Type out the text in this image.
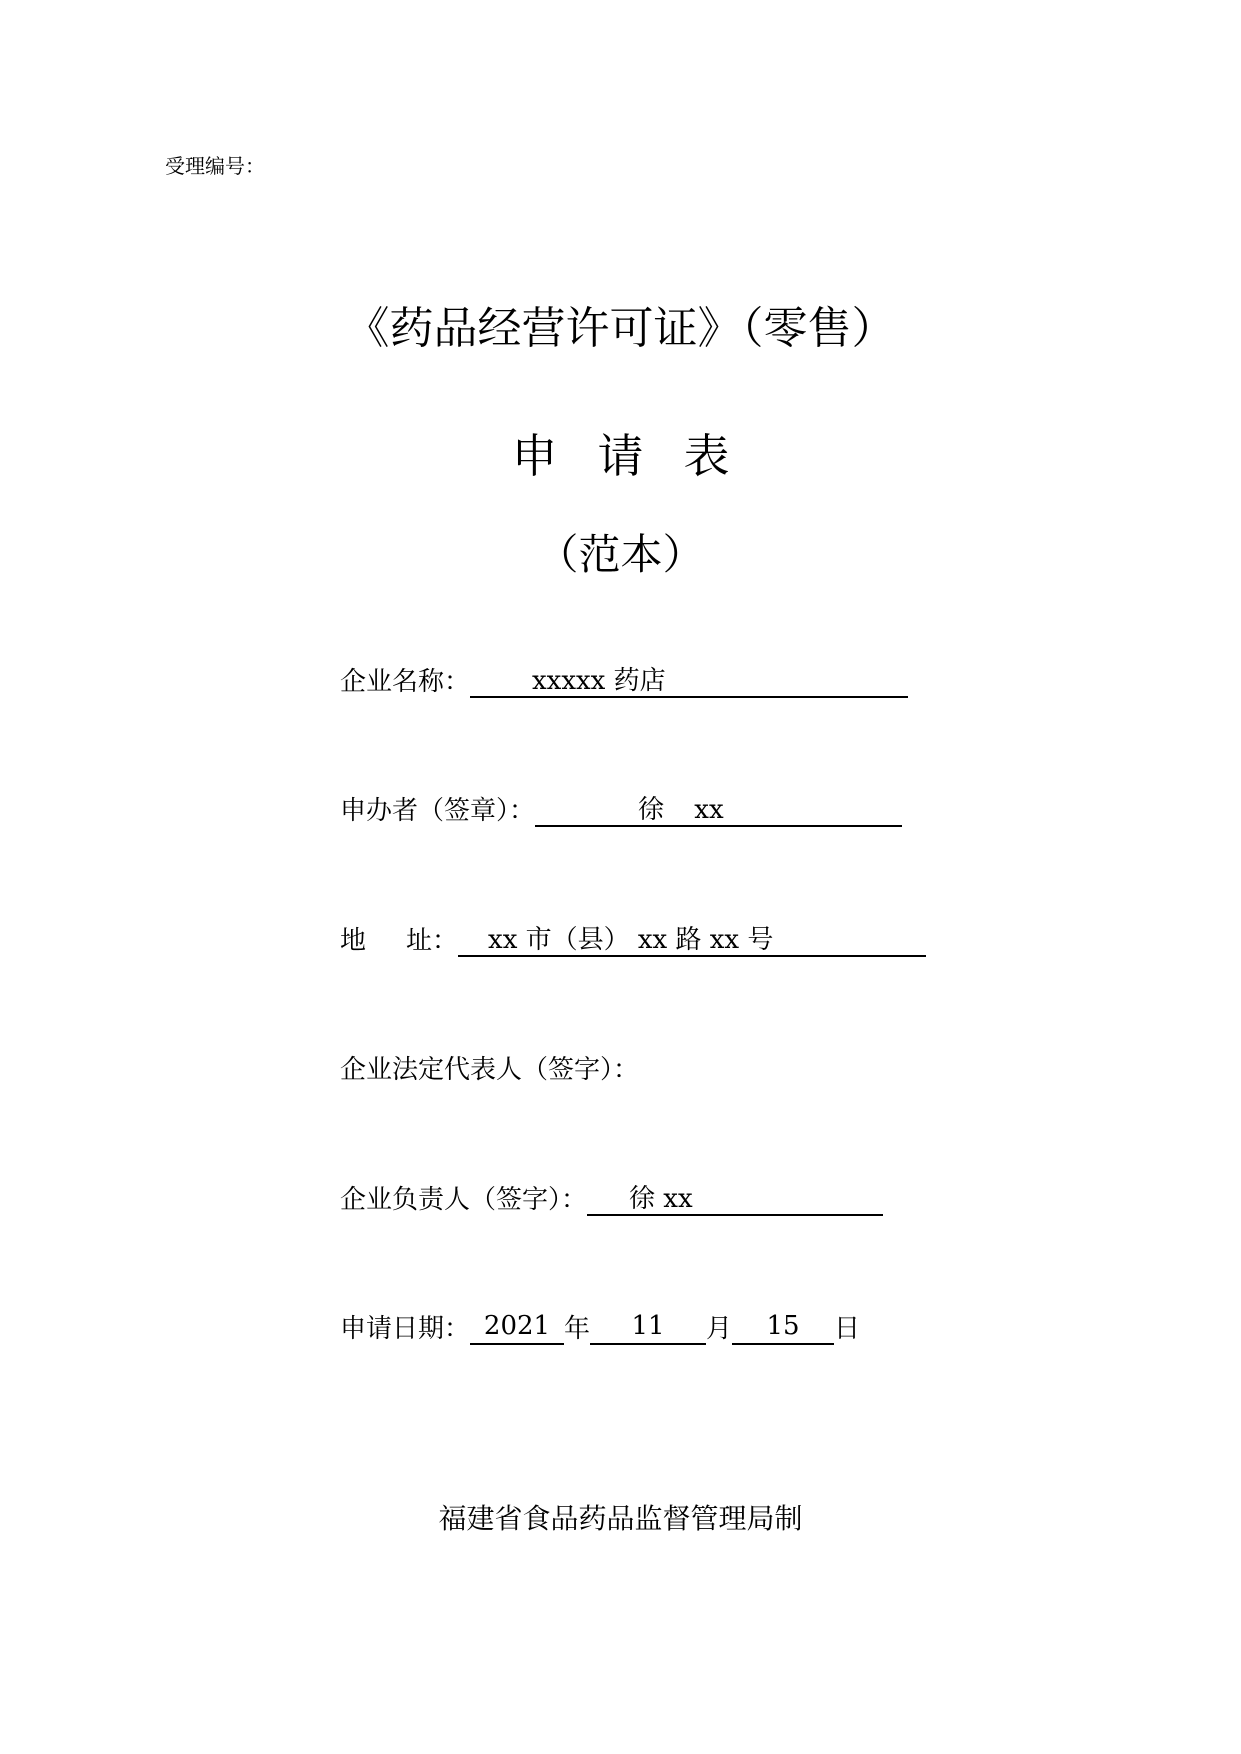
受理编号：
《药品经营许可证》（零售）
申请表
（范本）
企业名称：	xxxxx 药店
申办者（签章）：	徐 xx
地 址：	xx 市（县） xx 路 xx 号
企业法定代表人（签字）：
企业负责人（签字）：	徐 xx
申请日期： 2021 年	11	月	15	日
福建省食品药品监督管理局制
